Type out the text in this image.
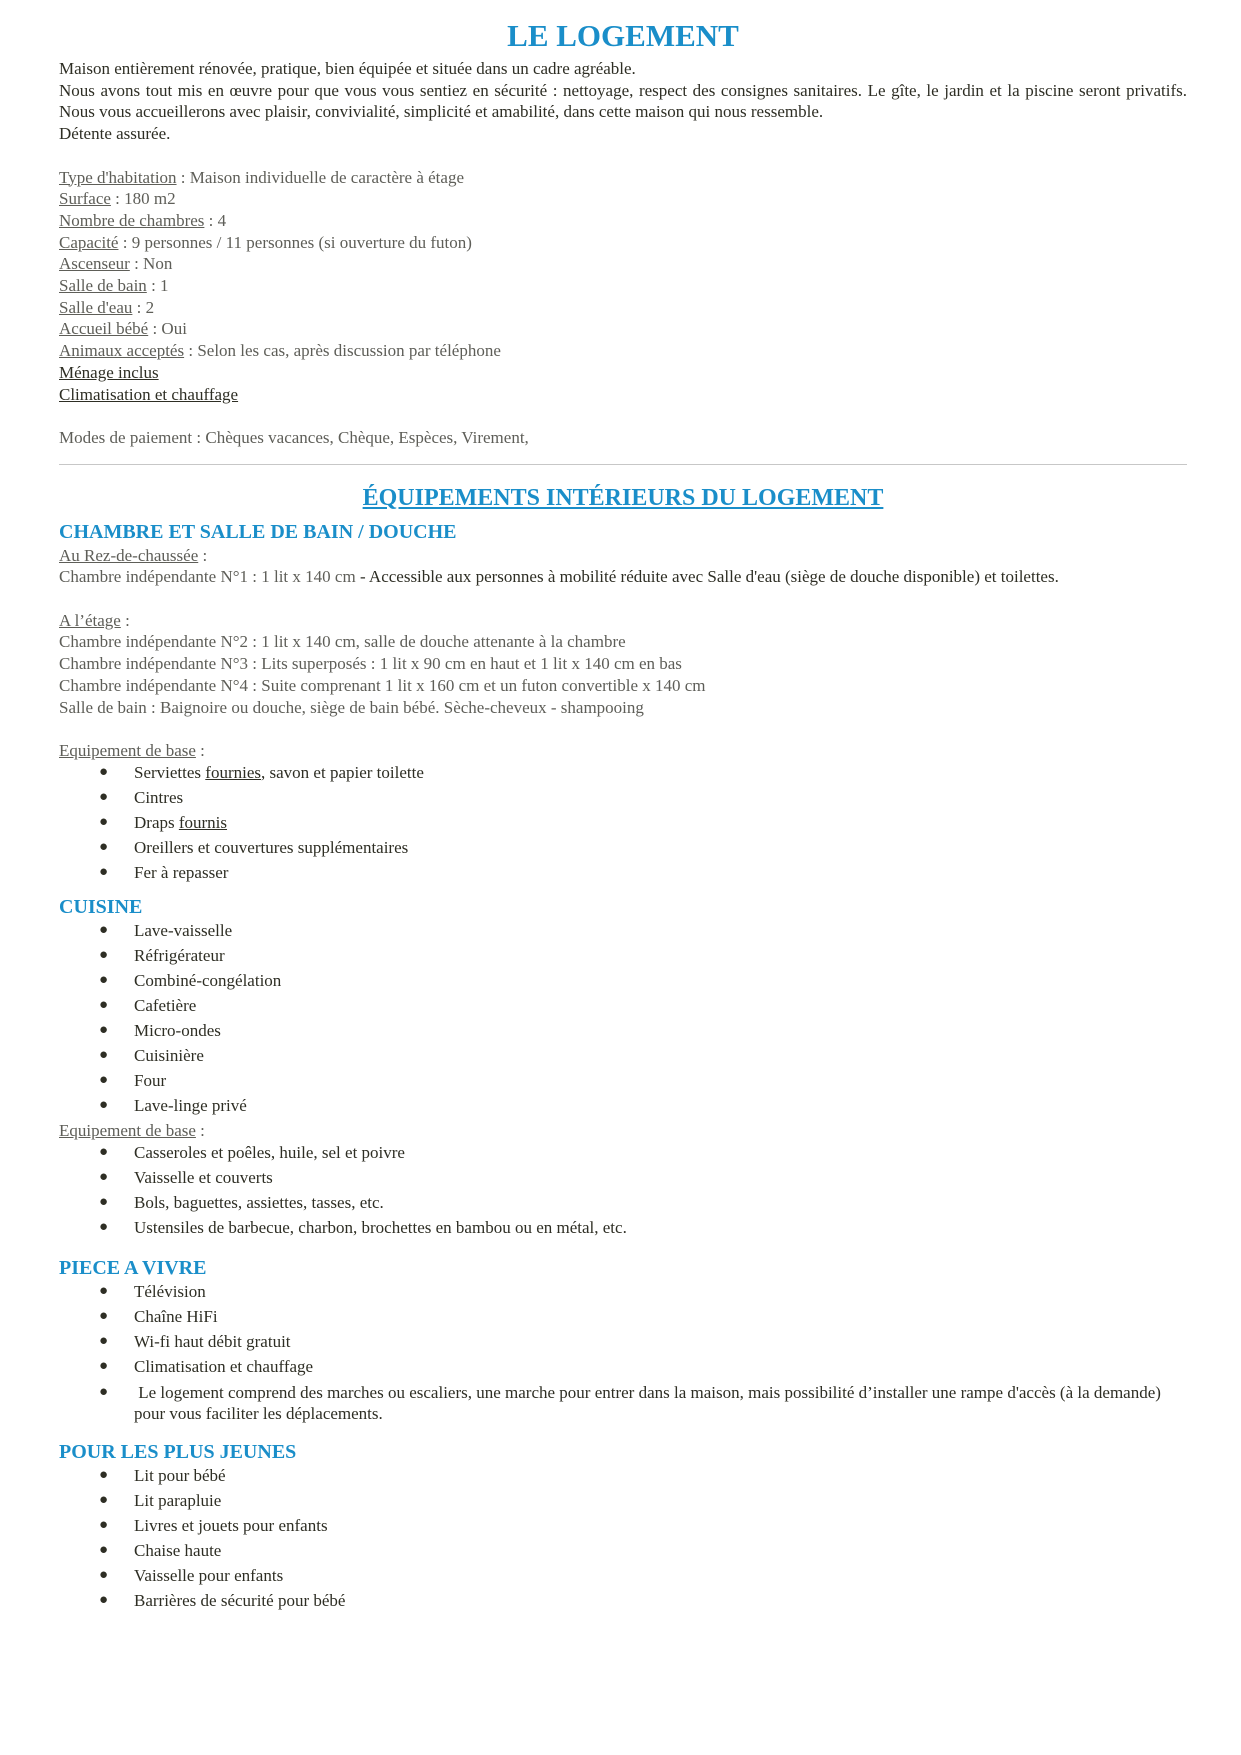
LE LOGEMENT

Maison entièrement rénovée, pratique, bien équipée et située dans un cadre agréable.

Nous avons tout mis en œuvre pour que vous vous sentiez en sécurité : nettoyage, respect des consignes sanitaires. Le gîte, le jardin et la piscine seront privatifs. Nous vous accueillerons avec plaisir, convivialité, simplicité et amabilité, dans cette maison qui nous ressemble.

Détente assurée.

Type d'habitation : Maison individuelle de caractère à étage

Surface : 180 m2

Nombre de chambres : 4

Capacité : 9 personnes / 11 personnes (si ouverture du futon)

Ascenseur : Non

Salle de bain : 1

Salle d'eau : 2

Accueil bébé : Oui

Animaux acceptés : Selon les cas, après discussion par téléphone

Ménage inclus

Climatisation et chauffage

Modes de paiement : Chèques vacances, Chèque, Espèces, Virement,

ÉQUIPEMENTS INTÉRIEURS DU LOGEMENT
CHAMBRE ET SALLE DE BAIN / DOUCHE

Au Rez-de-chaussée :

Chambre indépendante N°1 : 1 lit x 140 cm - Accessible aux personnes à mobilité réduite avec Salle d'eau (siège de douche disponible) et toilettes.

A l’étage :

Chambre indépendante N°2 : 1 lit x 140 cm, salle de douche attenante à la chambre

Chambre indépendante N°3 : Lits superposés : 1 lit x 90 cm en haut et 1 lit x 140 cm en bas

Chambre indépendante N°4 : Suite comprenant 1 lit x 160 cm et un futon convertible x 140 cm

Salle de bain : Baignoire ou douche, siège de bain bébé. Sèche-cheveux - shampooing

Equipement de base :

● Serviettes fournies, savon et papier toilette
● Cintres
● Draps fournis
● Oreillers et couvertures supplémentaires
● Fer à repasser
CUISINE
● Lave-vaisselle
● Réfrigérateur
● Combiné-congélation
● Cafetière
● Micro-ondes
● Cuisinière
● Four
● Lave-linge privé

Equipement de base :

● Casseroles et poêles, huile, sel et poivre
● Vaisselle et couverts
● Bols, baguettes, assiettes, tasses, etc.
● Ustensiles de barbecue, charbon, brochettes en bambou ou en métal, etc.
PIECE A VIVRE
● Télévision
● Chaîne HiFi
● Wi-fi haut débit gratuit
● Climatisation et chauffage
● Le logement comprend des marches ou escaliers, une marche pour entrer dans la maison, mais possibilité d’installer une rampe d'accès (à la demande) pour vous faciliter les déplacements.
POUR LES PLUS JEUNES
● Lit pour bébé
● Lit parapluie
● Livres et jouets pour enfants
● Chaise haute
● Vaisselle pour enfants
● Barrières de sécurité pour bébé
